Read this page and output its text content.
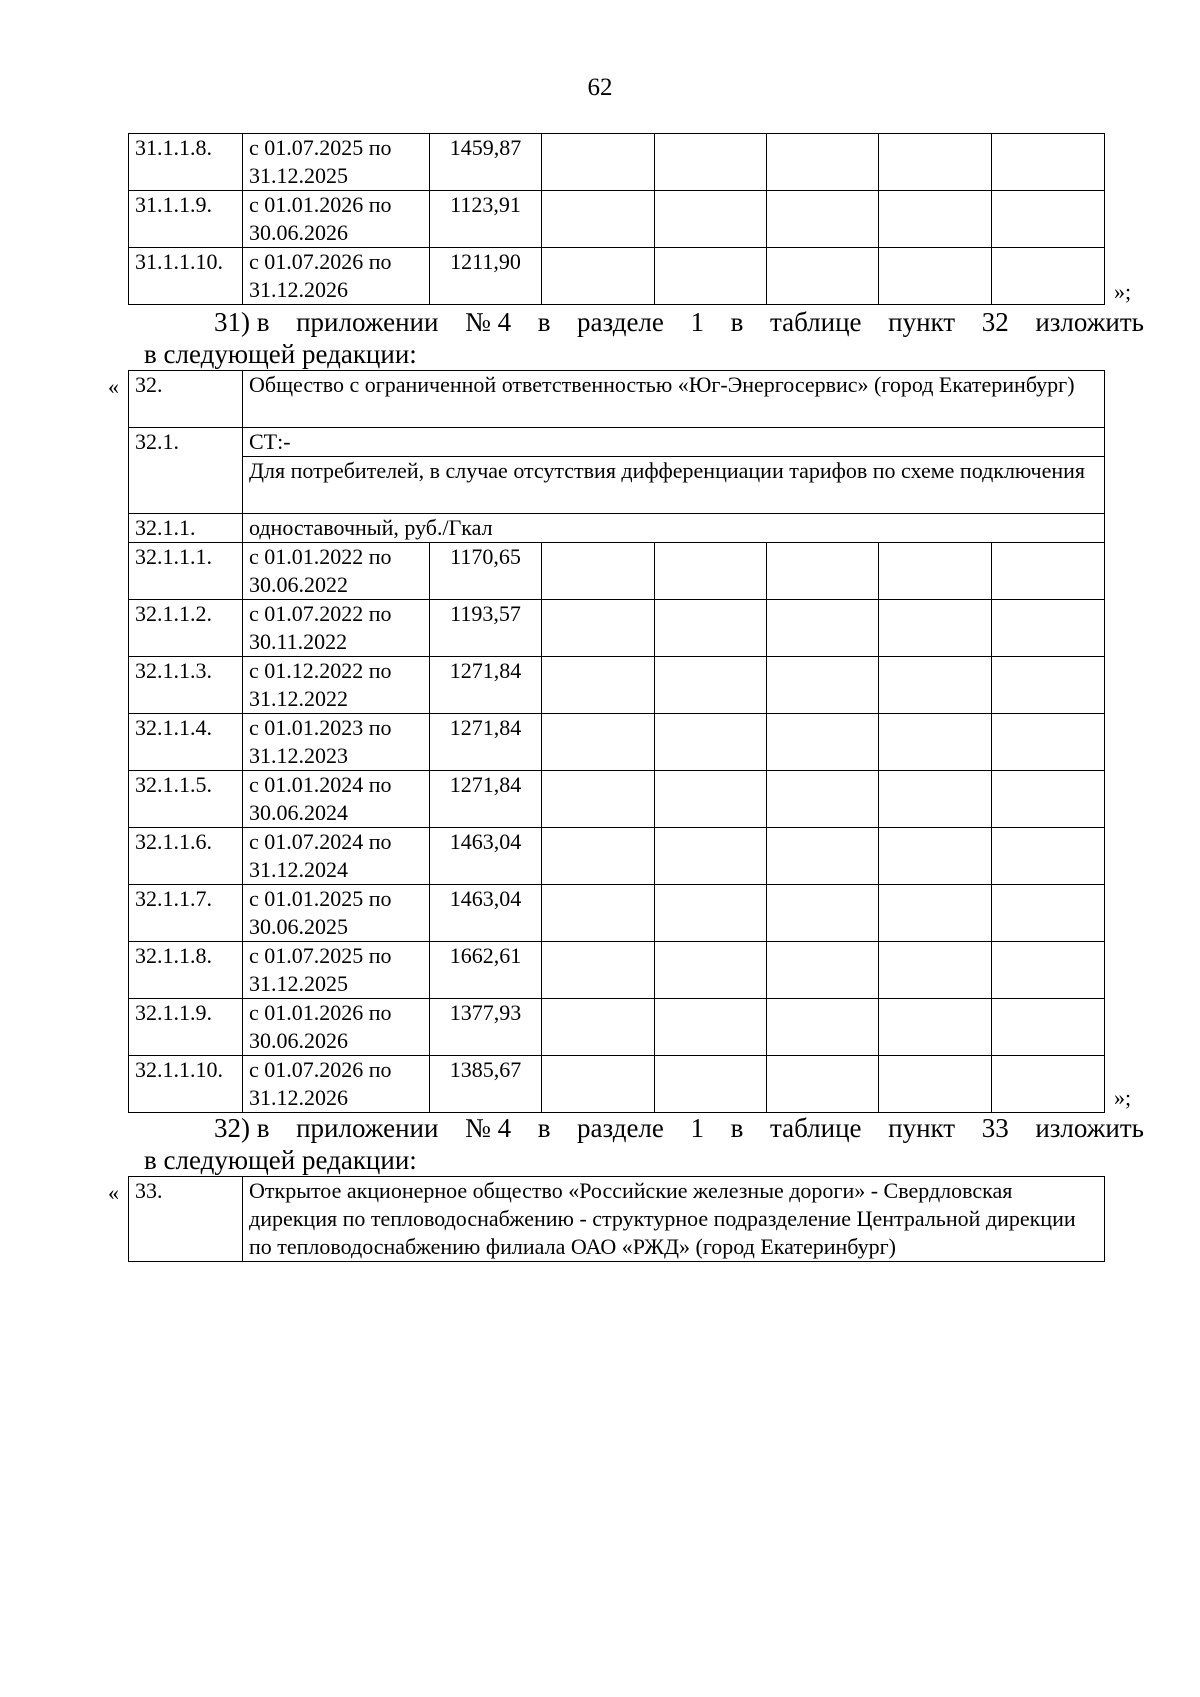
62
31.1.1.8.	с 01.07.2025 по
31.12.2025	1459,87					
31.1.1.9.	с 01.01.2026 по
30.06.2026	1123,91					
31.1.1.10.	с 01.07.2026 по
31.12.2026	1211,90					
»;
31) в приложении № 4 в разделе 1 в таблице пункт 32 изложить
в следующей редакции:
« 32.	Общество с ограниченной ответственностью «Юг-Энергосервис» (город Екатеринбург)						
32.1.	СТ:-						
	Для потребителей, в случае отсутствия дифференциации тарифов по схеме подключения						
32.1.1.	одноставочный, руб./Гкал						
32.1.1.1.	с 01.01.2022 по
30.06.2022	1170,65					
32.1.1.2.	с 01.07.2022 по
30.11.2022	1193,57					
32.1.1.3.	с 01.12.2022 по
31.12.2022	1271,84					
32.1.1.4.	с 01.01.2023 по
31.12.2023	1271,84					
32.1.1.5.	с 01.01.2024 по
30.06.2024	1271,84					
32.1.1.6.	с 01.07.2024 по
31.12.2024	1463,04					
32.1.1.7.	с 01.01.2025 по
30.06.2025	1463,04					
32.1.1.8.	с 01.07.2025 по
31.12.2025	1662,61					
32.1.1.9.	с 01.01.2026 по
30.06.2026	1377,93					
32.1.1.10.	с 01.07.2026 по
31.12.2026	1385,67					
»;
32) в приложении № 4 в разделе 1 в таблице пункт 33 изложить
в следующей редакции:
« 33.	Открытое акционерное общество «Российские железные дороги» - Свердловская дирекция по тепловодоснабжению - структурное подразделение Центральной дирекции по тепловодоснабжению филиала ОАО «РЖД» (город Екатеринбург)
